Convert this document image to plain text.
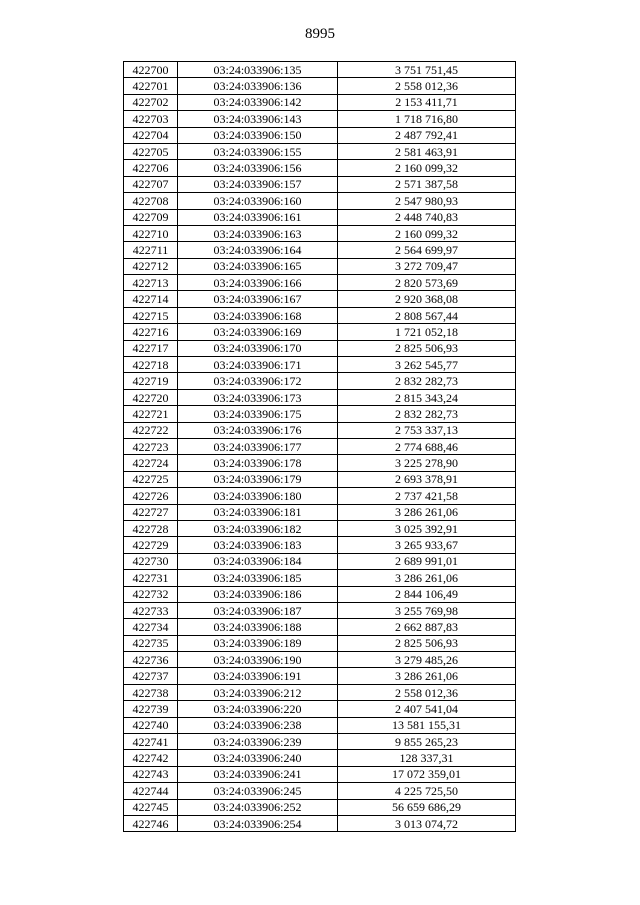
8995
422700	03:24:033906:135	3 751 751,45
422701	03:24:033906:136	2 558 012,36
422702	03:24:033906:142	2 153 411,71
422703	03:24:033906:143	1 718 716,80
422704	03:24:033906:150	2 487 792,41
422705	03:24:033906:155	2 581 463,91
422706	03:24:033906:156	2 160 099,32
422707	03:24:033906:157	2 571 387,58
422708	03:24:033906:160	2 547 980,93
422709	03:24:033906:161	2 448 740,83
422710	03:24:033906:163	2 160 099,32
422711	03:24:033906:164	2 564 699,97
422712	03:24:033906:165	3 272 709,47
422713	03:24:033906:166	2 820 573,69
422714	03:24:033906:167	2 920 368,08
422715	03:24:033906:168	2 808 567,44
422716	03:24:033906:169	1 721 052,18
422717	03:24:033906:170	2 825 506,93
422718	03:24:033906:171	3 262 545,77
422719	03:24:033906:172	2 832 282,73
422720	03:24:033906:173	2 815 343,24
422721	03:24:033906:175	2 832 282,73
422722	03:24:033906:176	2 753 337,13
422723	03:24:033906:177	2 774 688,46
422724	03:24:033906:178	3 225 278,90
422725	03:24:033906:179	2 693 378,91
422726	03:24:033906:180	2 737 421,58
422727	03:24:033906:181	3 286 261,06
422728	03:24:033906:182	3 025 392,91
422729	03:24:033906:183	3 265 933,67
422730	03:24:033906:184	2 689 991,01
422731	03:24:033906:185	3 286 261,06
422732	03:24:033906:186	2 844 106,49
422733	03:24:033906:187	3 255 769,98
422734	03:24:033906:188	2 662 887,83
422735	03:24:033906:189	2 825 506,93
422736	03:24:033906:190	3 279 485,26
422737	03:24:033906:191	3 286 261,06
422738	03:24:033906:212	2 558 012,36
422739	03:24:033906:220	2 407 541,04
422740	03:24:033906:238	13 581 155,31
422741	03:24:033906:239	9 855 265,23
422742	03:24:033906:240	128 337,31
422743	03:24:033906:241	17 072 359,01
422744	03:24:033906:245	4 225 725,50
422745	03:24:033906:252	56 659 686,29
422746	03:24:033906:254	3 013 074,72
